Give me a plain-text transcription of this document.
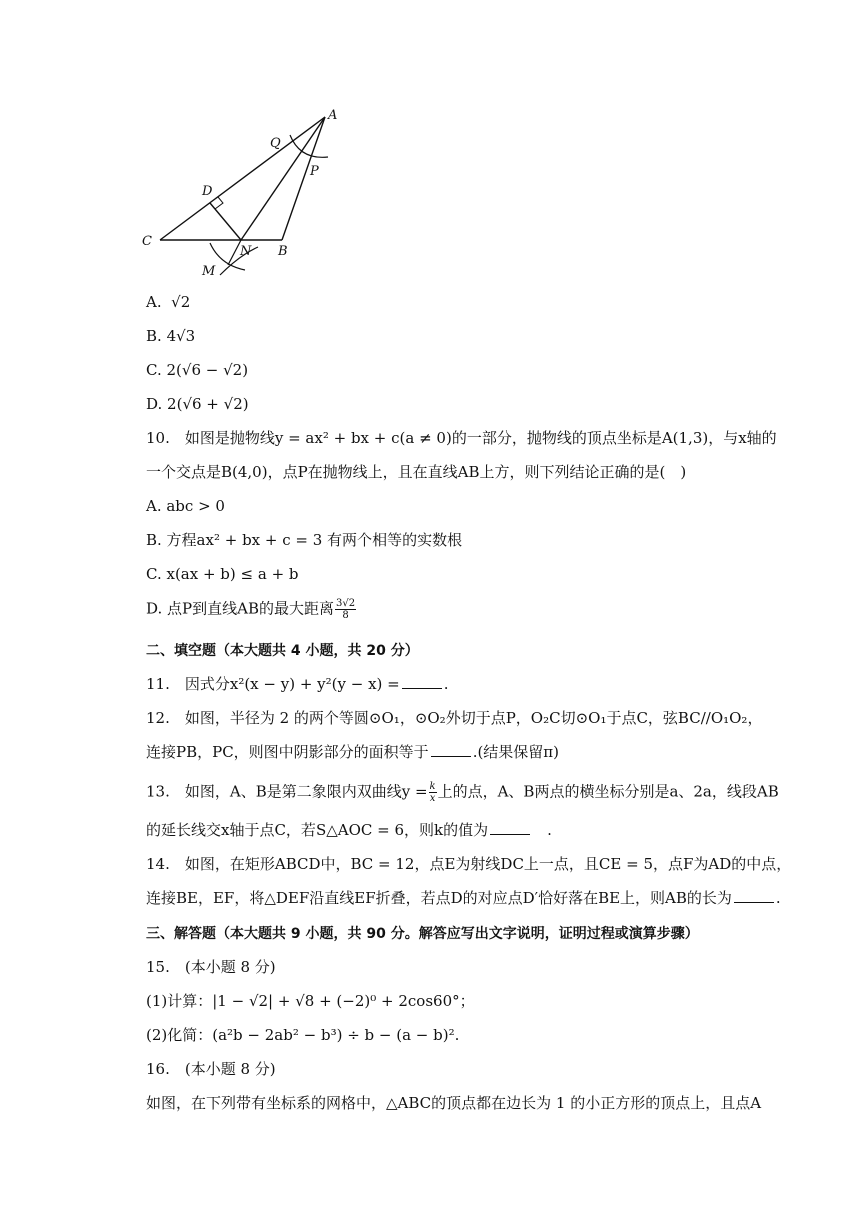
A
Q
P
D
C
N B
M
A. √2
B. 4√3
C. 2(√6 − √2)
D. 2(√6 + √2)
10.　如图是抛物线y = ax² + bx + c(a ≠ 0)的一部分，抛物线的顶点坐标是A(1,3)，与x轴的
一个交点是B(4,0)，点P在抛物线上，且在直线AB上方，则下列结论正确的是(　)
A. abc > 0
B. 方程ax² + bx + c = 3 有两个相等的实数根
C. x(ax + b) ≤ a + b
D. 点P到直线AB的最大距离 $\frac{3√2}{8}$
二、填空题（本大题共 4 小题，共 20 分）
11.　因式分x²(x − y) + y²(y − x) =	.
12.　如图，半径为 2 的两个等圆⊙O₁，⊙O₂外切于点P，O₂C切⊙O₁于点C，弦BC//O₁O₂，
连接PB，PC，则图中阴影部分的面积等于	.(结果保留π)
13.　如图，A、B是第二象限内双曲线$y = \frac{k}{x}$ 上的点，A、B两点的横坐标分别是a、2a，线段AB
的延长线交x轴于点C，若S△AOC = 6，则k的值为	　.
14.　如图，在矩形ABCD中，BC = 12，点E为射线DC上一点，且CE = 5，点F为AD的中点，
连接BE，EF，将△DEF沿直线EF折叠，若点D的对应点D′恰好落在BE上，则AB的长为	.
三、解答题（本大题共 9 小题，共 90 分。解答应写出文字说明，证明过程或演算步骤）
15.　(本小题 8 分)
(1)计算：|1 − √2| + √8 + (−2)⁰ + 2cos60°；
(2)化简：(a²b − 2ab² − b³) ÷ b − (a − b)².
16.　(本小题 8 分)
如图，在下列带有坐标系的网格中，△ABC的顶点都在边长为 1 的小正方形的顶点上，且点A
